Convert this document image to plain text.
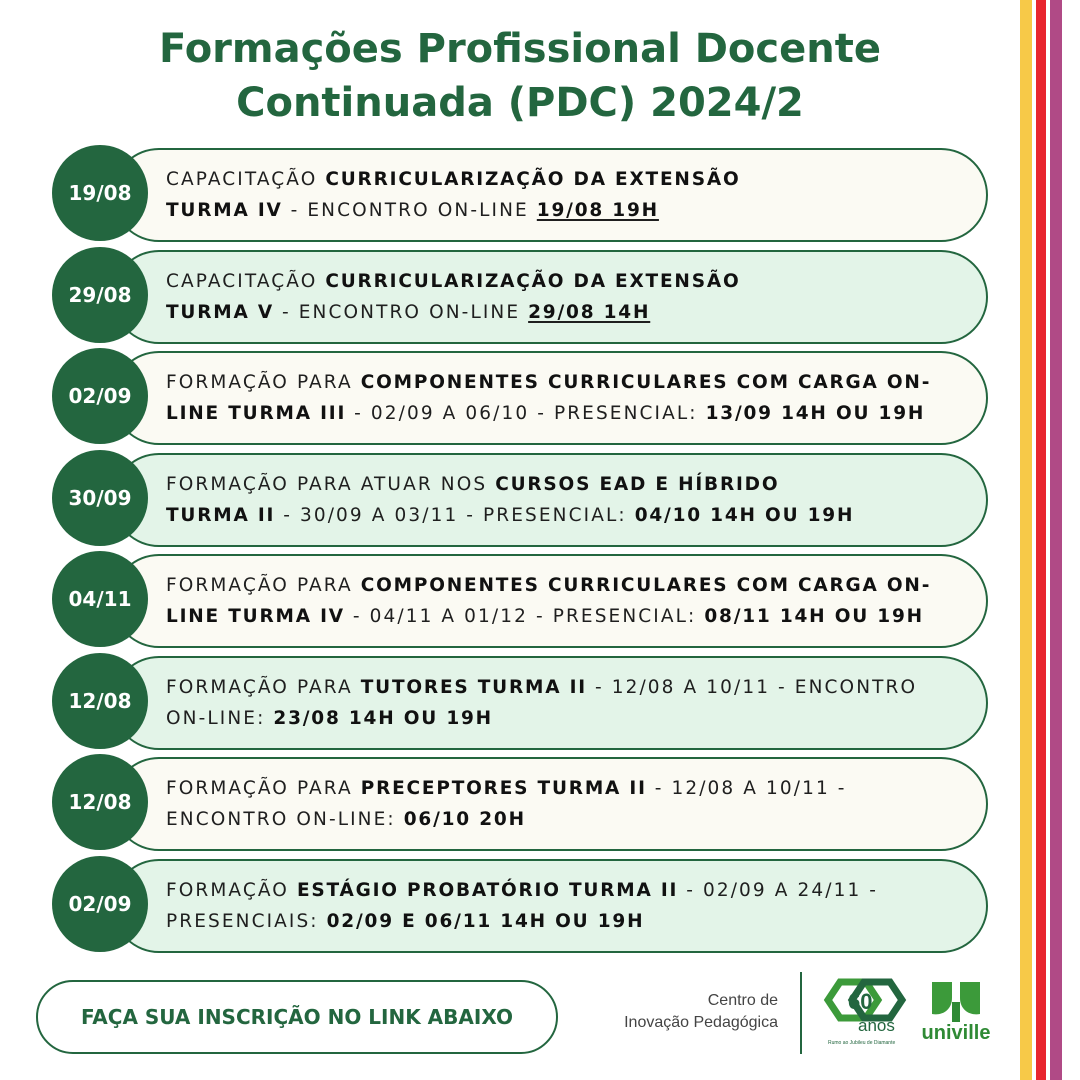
Formações Profissional Docente
Continuada (PDC) 2024/2
CAPACITAÇÃO CURRICULARIZAÇÃO DA EXTENSÃO
TURMA IV - ENCONTRO ON-LINE 19/08 19H
19/08
CAPACITAÇÃO CURRICULARIZAÇÃO DA EXTENSÃO
TURMA V - ENCONTRO ON-LINE 29/08 14H
29/08
FORMAÇÃO PARA COMPONENTES CURRICULARES COM CARGA ON-
LINE TURMA III - 02/09 A 06/10 - PRESENCIAL: 13/09 14H OU 19H
02/09
FORMAÇÃO PARA ATUAR NOS CURSOS EAD E HÍBRIDO
TURMA II - 30/09 A 03/11 - PRESENCIAL: 04/10 14H OU 19H
30/09
FORMAÇÃO PARA COMPONENTES CURRICULARES COM CARGA ON-
LINE TURMA IV - 04/11 A 01/12 - PRESENCIAL: 08/11 14H OU 19H
04/11
FORMAÇÃO PARA TUTORES TURMA II - 12/08 A 10/11 - ENCONTRO
ON-LINE: 23/08 14H OU 19H
12/08
FORMAÇÃO PARA PRECEPTORES TURMA II - 12/08 A 10/11 -
ENCONTRO ON-LINE: 06/10 20H
12/08
FORMAÇÃO ESTÁGIO PROBATÓRIO TURMA II - 02/09 A 24/11 -
PRESENCIAIS: 02/09 E 06/11 14H OU 19H
02/09
FAÇA SUA INSCRIÇÃO NO LINK ABAIXO
Centro de
Inovação Pedagógica
60
anos
Rumo ao Jubileu de Diamante univille
